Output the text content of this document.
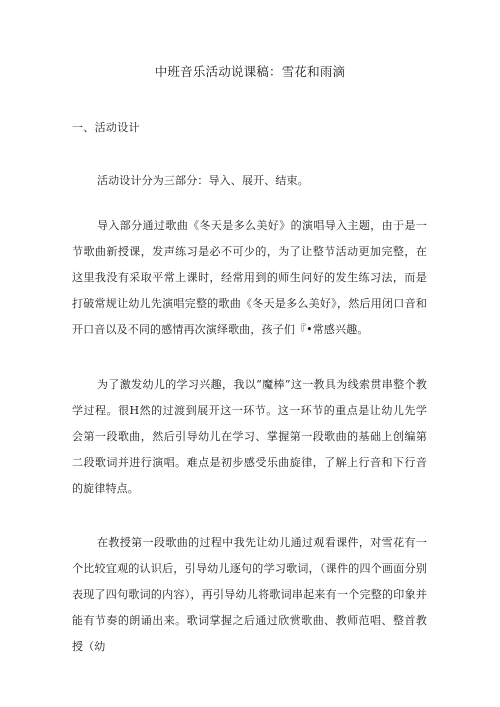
中班音乐活动说课稿：雪花和雨滴
一、活动设计

活动设计分为三部分：导入、展开、结束。

导入部分通过歌曲《冬天是多么美好》的演唱导入主题，由于是一节歌曲新授课，发声练习是必不可少的，为了让整节活动更加完整，在这里我没有采取平常上课时，经常用到的师生问好的发生练习法，而是打破常规让幼儿先演唱完整的歌曲《冬天是多么美好》，然后用闭口音和开口音以及不同的感情再次演绎歌曲，孩子们『•常感兴趣。

为了激发幼儿的学习兴趣，我以“魔棒”这一教具为线索贯串整个教学过程。很H然的过渡到展开这一环节。这一环节的重点是让幼儿先学会第一段歌曲，然后引导幼儿在学习、掌握第一段歌曲的基础上创编第二段歌词并进行演唱。难点是初步感受乐曲旋律，了解上行音和下行音的旋律特点。

在教授第一段歌曲的过程中我先让幼儿通过观看课件，对雪花有一个比较宜观的认识后，引导幼儿逐句的学习歌词，（课件的四个画面分别表现了四句歌词的内容），再引导幼儿将歌词串起来有一个完整的印象并能有节奏的朗诵出来。歌词掌握之后通过欣赏歌曲、教师范唱、整首教授（幼
